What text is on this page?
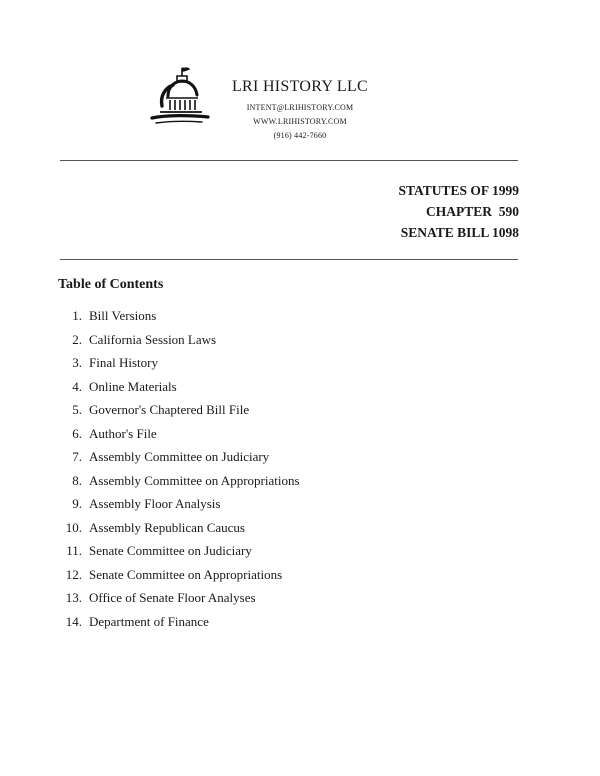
LRI HISTORY LLC
INTENT@LRIHISTORY.COM
WWW.LRIHISTORY.COM
(916) 442-7660
STATUTES OF 1999
CHAPTER  590
SENATE BILL 1098
Table of Contents
1. Bill Versions
2. California Session Laws
3. Final History
4. Online Materials
5. Governor's Chaptered Bill File
6. Author's File
7. Assembly Committee on Judiciary
8. Assembly Committee on Appropriations
9. Assembly Floor Analysis
10. Assembly Republican Caucus
11. Senate Committee on Judiciary
12. Senate Committee on Appropriations
13. Office of Senate Floor Analyses
14. Department of Finance
